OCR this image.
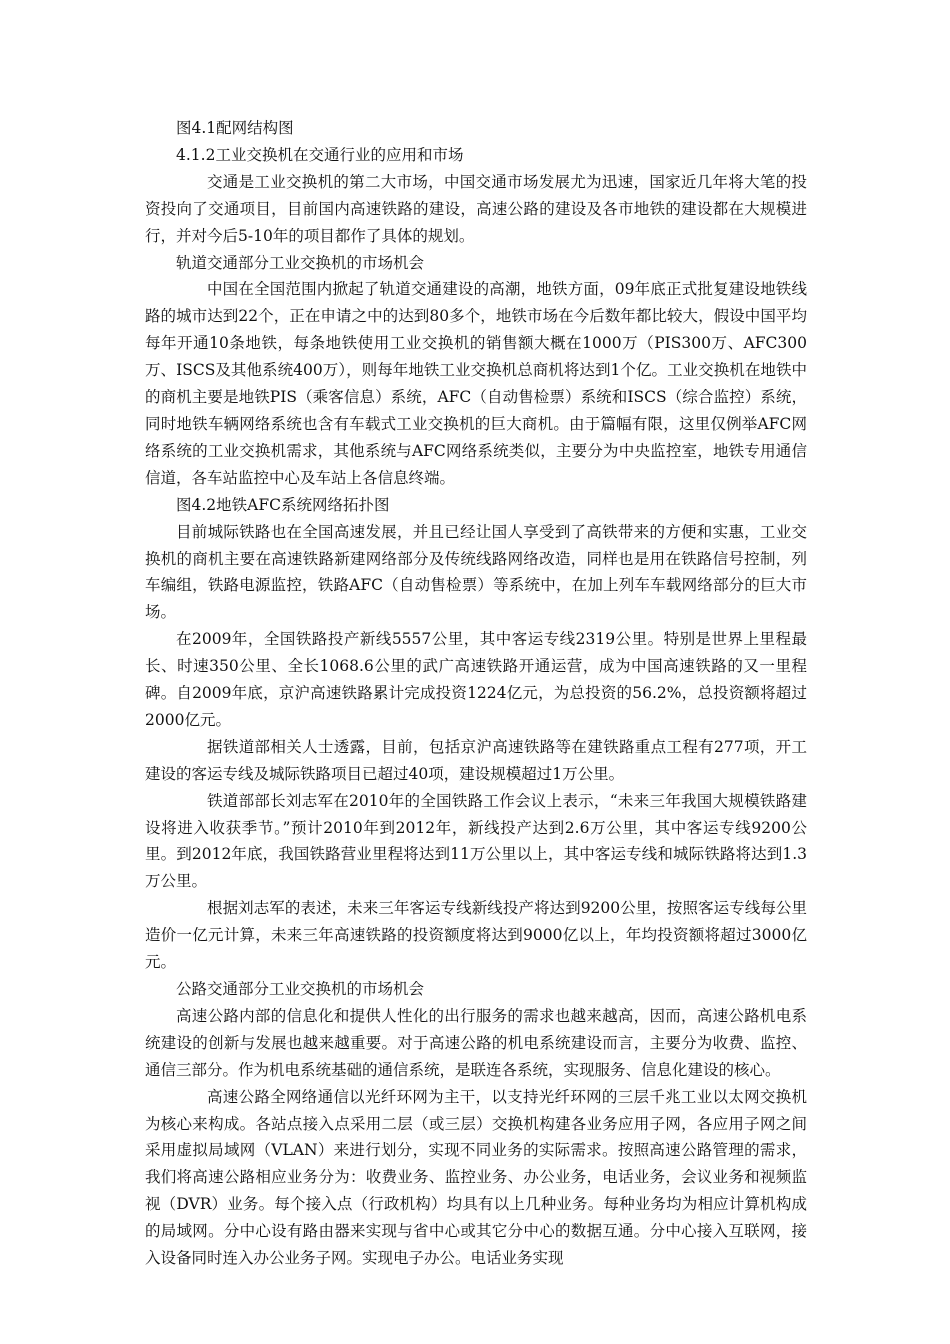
图4.1配网结构图

4.1.2工业交换机在交通行业的应用和市场

交通是工业交换机的第二大市场，中国交通市场发展尤为迅速，国家近几年将大笔的投资投向了交通项目，目前国内高速铁路的建设，高速公路的建设及各市地铁的建设都在大规模进行，并对今后5-10年的项目都作了具体的规划。

轨道交通部分工业交换机的市场机会

中国在全国范围内掀起了轨道交通建设的高潮，地铁方面，09年底正式批复建设地铁线路的城市达到22个，正在申请之中的达到80多个，地铁市场在今后数年都比较大，假设中国平均每年开通10条地铁，每条地铁使用工业交换机的销售额大概在1000万（PIS300万、AFC300万、ISCS及其他系统400万），则每年地铁工业交换机总商机将达到1个亿。工业交换机在地铁中的商机主要是地铁PIS（乘客信息）系统，AFC（自动售检票）系统和ISCS（综合监控）系统，同时地铁车辆网络系统也含有车载式工业交换机的巨大商机。由于篇幅有限，这里仅例举AFC网络系统的工业交换机需求，其他系统与AFC网络系统类似，主要分为中央监控室，地铁专用通信信道，各车站监控中心及车站上各信息终端。

图4.2地铁AFC系统网络拓扑图

目前城际铁路也在全国高速发展，并且已经让国人享受到了高铁带来的方便和实惠，工业交换机的商机主要在高速铁路新建网络部分及传统线路网络改造，同样也是用在铁路信号控制，列车编组，铁路电源监控，铁路AFC（自动售检票）等系统中，在加上列车车载网络部分的巨大市场。

在2009年，全国铁路投产新线5557公里，其中客运专线2319公里。特别是世界上里程最长、时速350公里、全长1068.6公里的武广高速铁路开通运营，成为中国高速铁路的又一里程碑。自2009年底，京沪高速铁路累计完成投资1224亿元，为总投资的56.2%，总投资额将超过2000亿元。

据铁道部相关人士透露，目前，包括京沪高速铁路等在建铁路重点工程有277项，开工建设的客运专线及城际铁路项目已超过40项，建设规模超过1万公里。

铁道部部长刘志军在2010年的全国铁路工作会议上表示，“未来三年我国大规模铁路建设将进入收获季节。”预计2010年到2012年，新线投产达到2.6万公里，其中客运专线9200公里。到2012年底，我国铁路营业里程将达到11万公里以上，其中客运专线和城际铁路将达到1.3万公里。

根据刘志军的表述，未来三年客运专线新线投产将达到9200公里，按照客运专线每公里造价一亿元计算，未来三年高速铁路的投资额度将达到9000亿以上，年均投资额将超过3000亿元。

公路交通部分工业交换机的市场机会

高速公路内部的信息化和提供人性化的出行服务的需求也越来越高，因而，高速公路机电系统建设的创新与发展也越来越重要。对于高速公路的机电系统建设而言，主要分为收费、监控、通信三部分。作为机电系统基础的通信系统，是联连各系统，实现服务、信息化建设的核心。

高速公路全网络通信以光纤环网为主干，以支持光纤环网的三层千兆工业以太网交换机为核心来构成。各站点接入点采用二层（或三层）交换机构建各业务应用子网，各应用子网之间采用虚拟局域网（VLAN）来进行划分，实现不同业务的实际需求。按照高速公路管理的需求，我们将高速公路相应业务分为：收费业务、监控业务、办公业务，电话业务，会议业务和视频监视（DVR）业务。每个接入点（行政机构）均具有以上几种业务。每种业务均为相应计算机构成的局域网。分中心设有路由器来实现与省中心或其它分中心的数据互通。分中心接入互联网，接入设备同时连入办公业务子网。实现电子办公。电话业务实现
